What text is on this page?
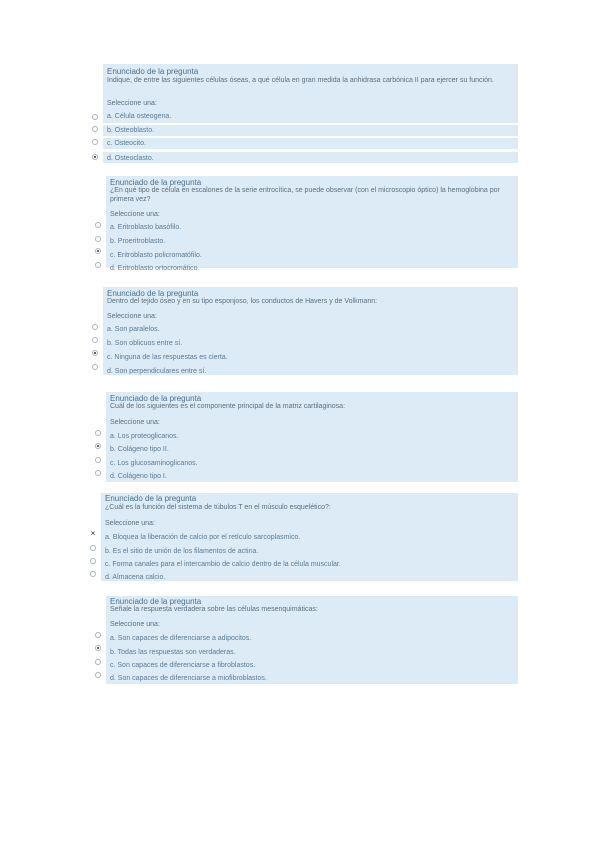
Enunciado de la pregunta
Indique, de entre las siguientes células óseas, a qué célula en gran medida la anhidrasa carbónica II para ejercer su función.
Seleccione una:
a. Célula osteogena.
b. Osteoblasto.
c. Osteocito.
d. Osteoclasto.
Enunciado de la pregunta
¿En qué tipo de célula en escalones de la serie eritrocítica, se puede observar (con el microscopio óptico) la hemoglobina por primera vez?
Seleccione una:
a. Eritroblasto basófilo.
b. Proeritroblasto.
c. Eritroblasto policromatófilo.
d. Eritroblasto ortocromático.
Enunciado de la pregunta
Dentro del tejido óseo y en su tipo esponjoso, los conductos de Havers y de Volkmann:
Seleccione una:
a. Son paralelos.
b. Son oblicuos entre sí.
c. Ninguna de las respuestas es cierta.
d. Son perpendiculares entre sí.
Enunciado de la pregunta
Cuál de los siguientes es el componente principal de la matriz cartilaginosa:
Seleccione una:
a. Los proteoglicanos.
b. Colágeno tipo II.
c. Los glucosaminoglicanos.
d. Colágeno tipo I.
Enunciado de la pregunta
¿Cuál es la función del sistema de túbulos T en el músculo esquelético?:
Seleccione una:
× a. Bloquea la liberación de calcio por el retículo sarcoplasmico.
b. Es el sitio de unión de los filamentos de actina.
c. Forma canales para el intercambio de calcio dentro de la célula muscular.
d. Almacena calcio.
Enunciado de la pregunta
Señale la respuesta verdadera sobre las células mesenquimáticas:
Seleccione una:
a. Son capaces de diferenciarse a adipocitos.
b. Todas las respuestas son verdaderas.
c. Son capaces de diferenciarse a fibroblastos.
d. Son capaces de diferenciarse a miofibroblastos.
